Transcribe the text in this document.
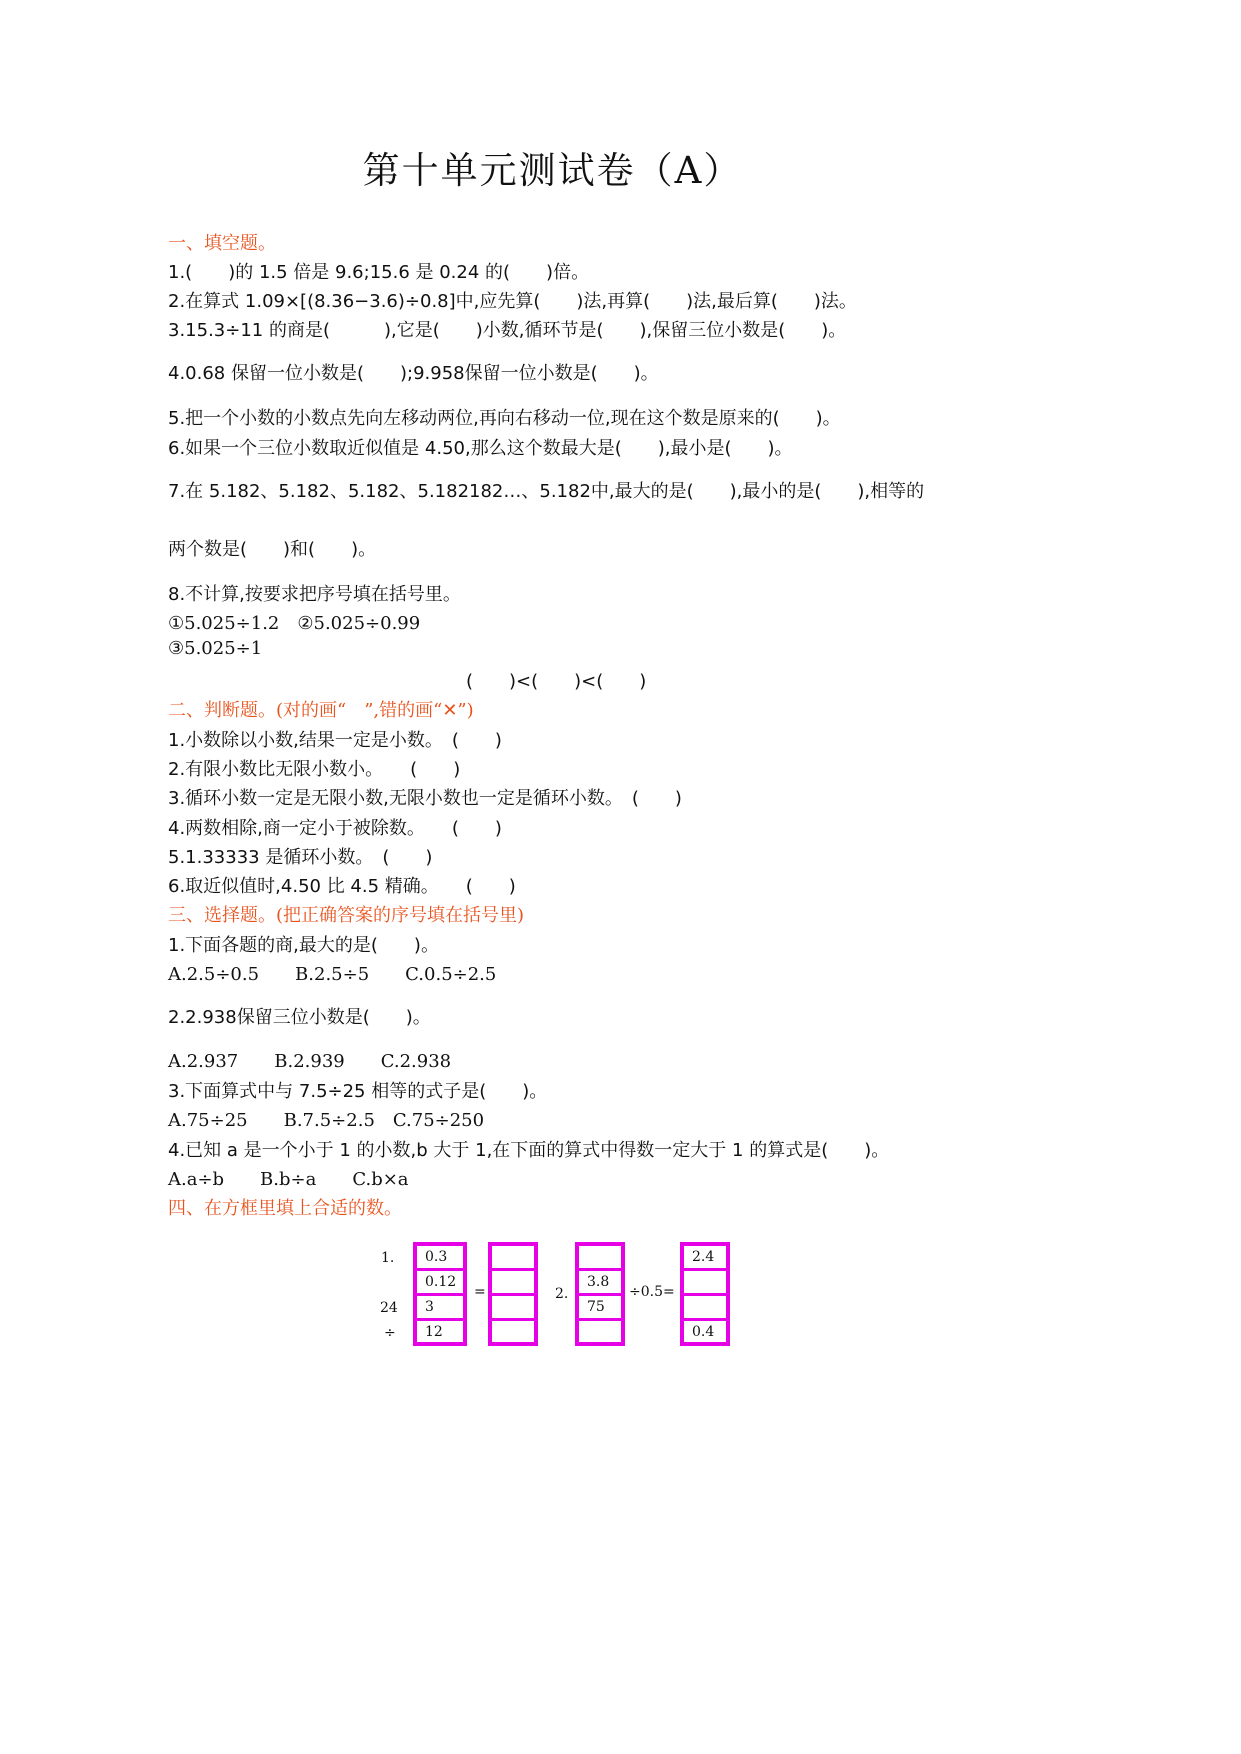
第十单元测试卷（A）
一、填空题。
1.(　　)的 1.5 倍是 9.6;15.6 是 0.24 的(　　)倍。
2.在算式 1.09×[(8.36−3.6)÷0.8]中,应先算(　　)法,再算(　　)法,最后算(　　)法。
3.15.3÷11 的商是(　　　),它是(　　)小数,循环节是(　　),保留三位小数是(　　)。
4.0.68 保留一位小数是(　　);9.958保留一位小数是(　　)。
5.把一个小数的小数点先向左移动两位,再向右移动一位,现在这个数是原来的(　　)。
6.如果一个三位小数取近似值是 4.50,那么这个数最大是(　　),最小是(　　)。
7.在 5.182、5.182、5.182、5.182182…、5.182中,最大的是(　　),最小的是(　　),相等的
两个数是(　　)和(　　)。
8.不计算,按要求把序号填在括号里。
①5.025÷1.2　②5.025÷0.99
③5.025÷1
(　　)<(　　)<(　　)
二、判断题。(对的画“　”,错的画“✕”)
1.小数除以小数,结果一定是小数。　(　　)
2.有限小数比无限小数小。　　(　　)
3.循环小数一定是无限小数,无限小数也一定是循环小数。　(　　)
4.两数相除,商一定小于被除数。　　(　　)
5.1.33333 是循环小数。　(　　)
6.取近似值时,4.50 比 4.5 精确。　　(　　)
三、选择题。(把正确答案的序号填在括号里)
1.下面各题的商,最大的是(　　)。
A.2.5÷0.5　　B.2.5÷5　　C.0.5÷2.5
2.2.938保留三位小数是(　　)。
A.2.937　　B.2.939　　C.2.938
3.下面算式中与 7.5÷25 相等的式子是(　　)。
A.75÷25　　B.7.5÷2.5　C.75÷250
4.已知 a 是一个小于 1 的小数,b 大于 1,在下面的算式中得数一定大于 1 的算式是(　　)。
A.a÷b　　B.b÷a　　C.b×a
四、在方框里填上合适的数。
1.
24
÷
0.3
0.12
3
12
=	2.
3.8
75
÷0.5=
2.4
0.4
